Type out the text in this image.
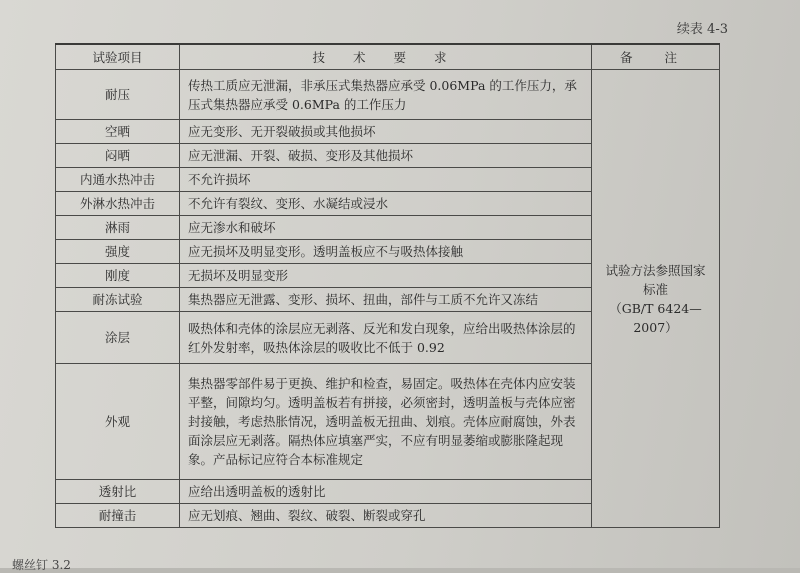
续表 4-3
试验项目	技 术 要 求	备 注
耐压	传热工质应无泄漏，非承压式集热器应承受 0.06MPa 的工作压力，承压式集热器应承受 0.6MPa 的工作压力	试验方法参照国家
标准
（GB/T 6424—2007）

空晒	应无变形、无开裂破损或其他损坏	
闷晒	应无泄漏、开裂、破损、变形及其他损坏	
内通水热冲击	不允许损坏	
外淋水热冲击	不允许有裂纹、变形、水凝结或浸水	
淋雨	应无渗水和破坏	
强度	应无损坏及明显变形。透明盖板应不与吸热体接触	
刚度	无损坏及明显变形	
耐冻试验	集热器应无泄露、变形、损坏、扭曲，部件与工质不允许又冻结	
涂层	吸热体和壳体的涂层应无剥落、反光和发白现象，应给出吸热体涂层的红外发射率，吸热体涂层的吸收比不低于 0.92	
外观	集热器零部件易于更换、维护和检查，易固定。吸热体在壳体内应安装平整，间隙均匀。透明盖板若有拼接，必须密封，透明盖板与壳体应密封接触，考虑热胀情况，透明盖板无扭曲、划痕。壳体应耐腐蚀，外表面涂层应无剥落。隔热体应填塞严实，不应有明显萎缩或膨胀隆起现象。产品标记应符合本标准规定	
透射比	应给出透明盖板的透射比	
耐撞击	应无划痕、翘曲、裂纹、破裂、断裂或穿孔	
螺丝钉 3.2
